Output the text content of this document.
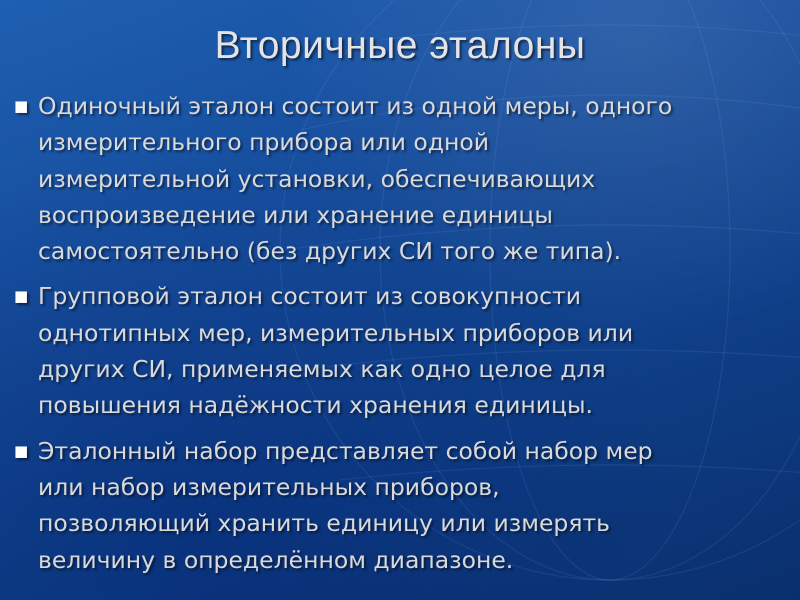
Вторичные эталоны
■ Одиночный эталон состоит из одной меры, одного
измерительного прибора или одной
измерительной установки, обеспечивающих
воспроизведение или хранение единицы
самостоятельно (без других СИ того же типа).
■ Групповой эталон состоит из совокупности
однотипных мер, измерительных приборов или
других СИ, применяемых как одно целое для
повышения надёжности хранения единицы.
■ Эталонный набор представляет собой набор мер
или набор измерительных приборов,
позволяющий хранить единицу или измерять
величину в определённом диапазоне.
